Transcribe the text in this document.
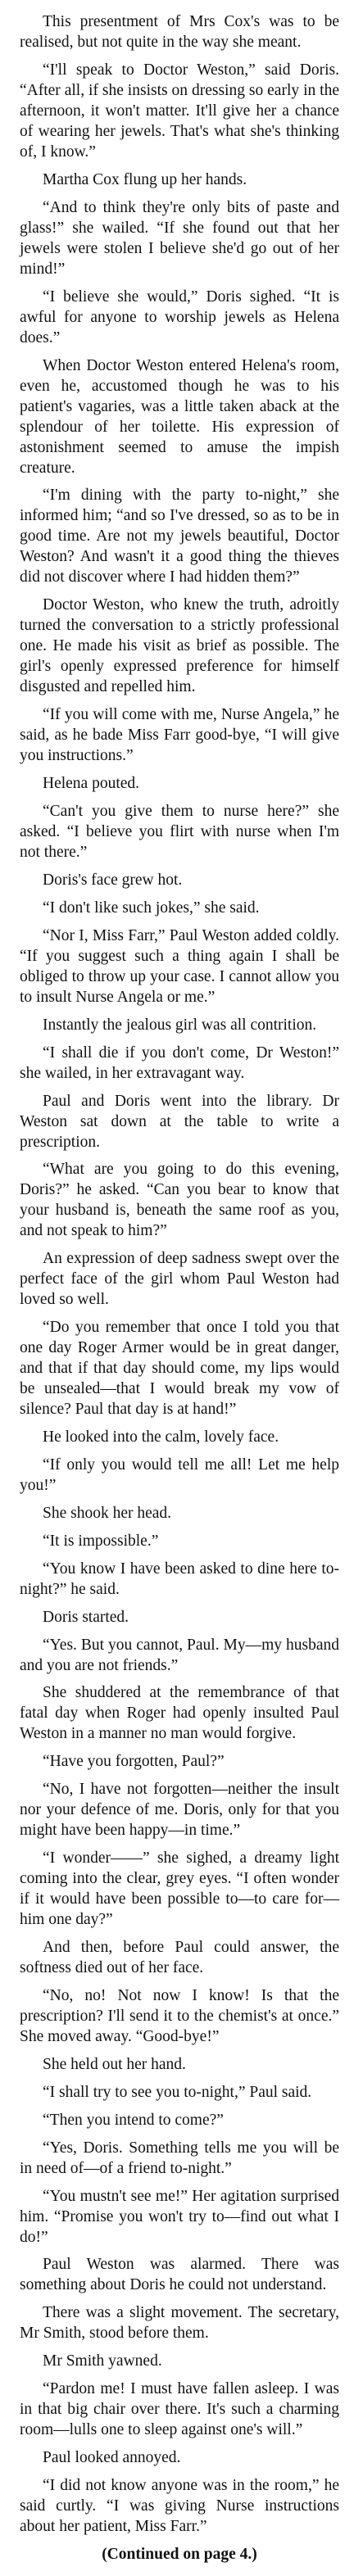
This presentment of Mrs Cox's was to be realised, but not quite in the way she meant.

“I'll speak to Doctor Weston,” said Doris. “After all, if she insists on dressing so early in the afternoon, it won't matter. It'll give her a chance of wearing her jewels. That's what she's thinking of, I know.”

Martha Cox flung up her hands.

“And to think they're only bits of paste and glass!” she wailed. “If she found out that her jewels were stolen I believe she'd go out of her mind!”

“I believe she would,” Doris sighed. “It is awful for anyone to worship jewels as Helena does.”

When Doctor Weston entered Helena's room, even he, accustomed though he was to his patient's vagaries, was a little taken aback at the splendour of her toilette. His expression of astonishment seemed to amuse the impish creature.

“I'm dining with the party to-night,” she informed him; “and so I've dressed, so as to be in good time. Are not my jewels beautiful, Doctor Weston? And wasn't it a good thing the thieves did not discover where I had hidden them?”

Doctor Weston, who knew the truth, adroitly turned the conversation to a strictly professional one. He made his visit as brief as possible. The girl's openly expressed preference for himself disgusted and repelled him.

“If you will come with me, Nurse Angela,” he said, as he bade Miss Farr good-bye, “I will give you instructions.”

Helena pouted.

“Can't you give them to nurse here?” she asked. “I believe you flirt with nurse when I'm not there.”

Doris's face grew hot.

“I don't like such jokes,” she said.

“Nor I, Miss Farr,” Paul Weston added coldly. “If you suggest such a thing again I shall be obliged to throw up your case. I cannot allow you to insult Nurse Angela or me.”

Instantly the jealous girl was all contrition.

“I shall die if you don't come, Dr Weston!” she wailed, in her extravagant way.

Paul and Doris went into the library. Dr Weston sat down at the table to write a prescription.

“What are you going to do this evening, Doris?” he asked. “Can you bear to know that your husband is, beneath the same roof as you, and not speak to him?”

An expression of deep sadness swept over the perfect face of the girl whom Paul Weston had loved so well.

“Do you remember that once I told you that one day Roger Armer would be in great danger, and that if that day should come, my lips would be unsealed—that I would break my vow of silence? Paul that day is at hand!”

He looked into the calm, lovely face.

“If only you would tell me all! Let me help you!”

She shook her head.

“It is impossible.”

“You know I have been asked to dine here to-night?” he said.

Doris started.

“Yes. But you cannot, Paul. My—my husband and you are not friends.”

She shuddered at the remembrance of that fatal day when Roger had openly insulted Paul Weston in a manner no man would forgive.

“Have you forgotten, Paul?”

“No, I have not forgotten—neither the insult nor your defence of me. Doris, only for that you might have been happy—in time.”

“I wonder——” she sighed, a dreamy light coming into the clear, grey eyes. “I often wonder if it would have been possible to—to care for—him one day?”

And then, before Paul could answer, the softness died out of her face.

“No, no! Not now I know! Is that the prescription? I'll send it to the chemist's at once.” She moved away. “Good-bye!”

She held out her hand.

“I shall try to see you to-night,” Paul said.

“Then you intend to come?”

“Yes, Doris. Something tells me you will be in need of—of a friend to-night.”

“You mustn't see me!” Her agitation surprised him. “Promise you won't try to—find out what I do!”

Paul Weston was alarmed. There was something about Doris he could not understand.

There was a slight movement. The secretary, Mr Smith, stood before them.

Mr Smith yawned.

“Pardon me! I must have fallen asleep. I was in that big chair over there. It's such a charming room—lulls one to sleep against one's will.”

Paul looked annoyed.

“I did not know anyone was in the room,” he said curtly. “I was giving Nurse instructions about her patient, Miss Farr.”

(Continued on page 4.)
